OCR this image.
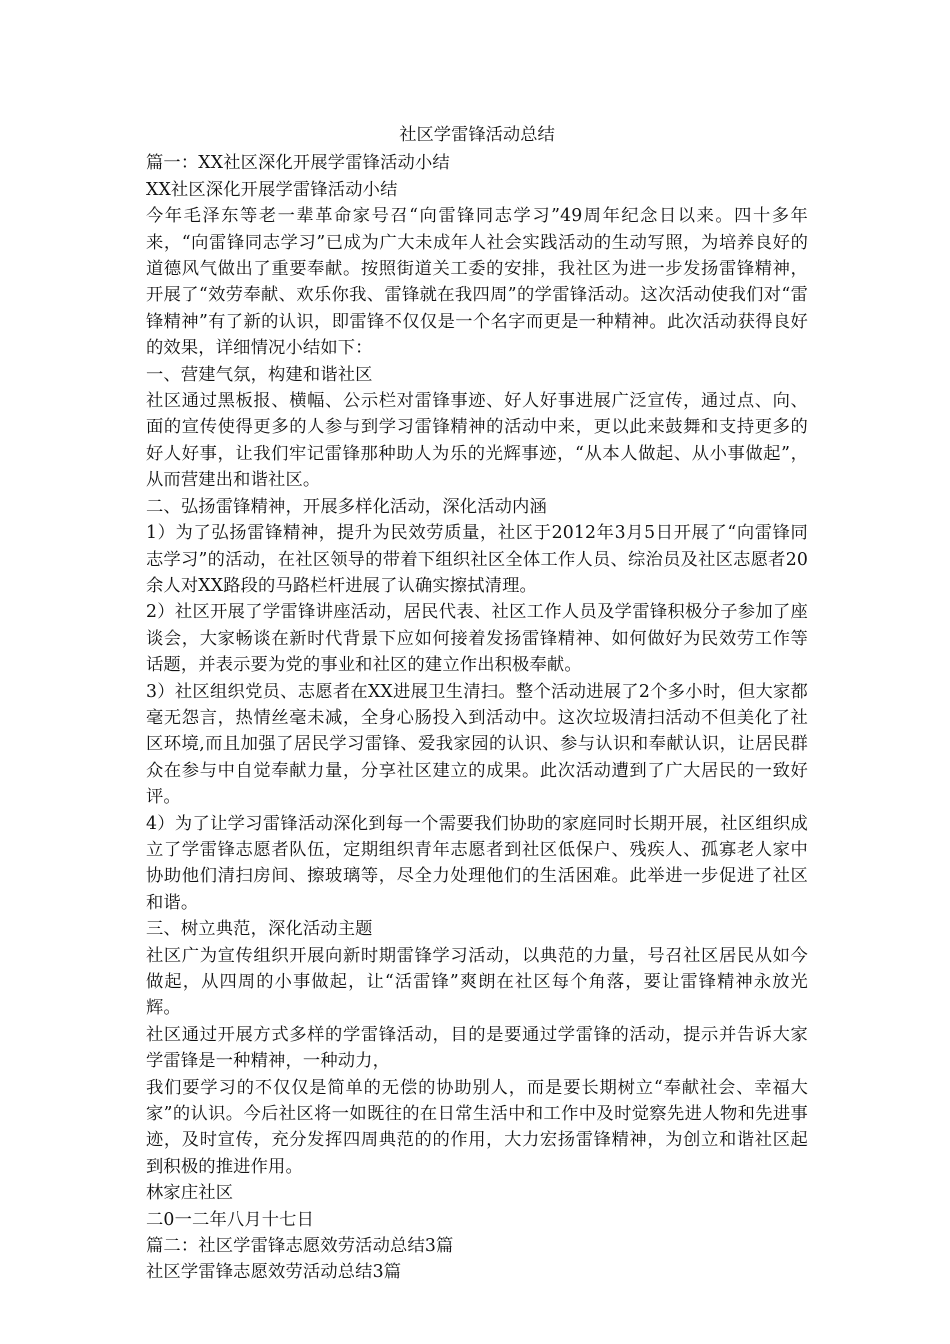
社区学雷锋活动总结

篇一：XX社区深化开展学雷锋活动小结

XX社区深化开展学雷锋活动小结

今年毛泽东等老一辈革命家号召“向雷锋同志学习”49周年纪念日以来。四十多年来，“向雷锋同志学习”已成为广大未成年人社会实践活动的生动写照，为培养良好的道德风气做出了重要奉献。按照街道关工委的安排，我社区为进一步发扬雷锋精神，开展了“效劳奉献、欢乐你我、雷锋就在我四周”的学雷锋活动。这次活动使我们对“雷锋精神”有了新的认识，即雷锋不仅仅是一个名字而更是一种精神。此次活动获得良好的效果，详细情况小结如下：

一、营建气氛，构建和谐社区

社区通过黑板报、横幅、公示栏对雷锋事迹、好人好事进展广泛宣传，通过点、向、面的宣传使得更多的人参与到学习雷锋精神的活动中来，更以此来鼓舞和支持更多的好人好事，让我们牢记雷锋那种助人为乐的光辉事迹，“从本人做起、从小事做起”，从而营建出和谐社区。

二、弘扬雷锋精神，开展多样化活动，深化活动内涵

1）为了弘扬雷锋精神，提升为民效劳质量，社区于2012年3月5日开展了“向雷锋同志学习”的活动，在社区领导的带着下组织社区全体工作人员、综治员及社区志愿者20余人对XX路段的马路栏杆进展了认确实擦拭清理。

2）社区开展了学雷锋讲座活动，居民代表、社区工作人员及学雷锋积极分子参加了座谈会，大家畅谈在新时代背景下应如何接着发扬雷锋精神、如何做好为民效劳工作等话题，并表示要为党的事业和社区的建立作出积极奉献。

3）社区组织党员、志愿者在XX进展卫生清扫。整个活动进展了2个多小时，但大家都毫无怨言，热情丝毫未减，全身心肠投入到活动中。这次垃圾清扫活动不但美化了社区环境,而且加强了居民学习雷锋、爱我家园的认识、参与认识和奉献认识，让居民群众在参与中自觉奉献力量，分享社区建立的成果。此次活动遭到了广大居民的一致好评。

4）为了让学习雷锋活动深化到每一个需要我们协助的家庭同时长期开展，社区组织成立了学雷锋志愿者队伍，定期组织青年志愿者到社区低保户、残疾人、孤寡老人家中协助他们清扫房间、擦玻璃等，尽全力处理他们的生活困难。此举进一步促进了社区和谐。

三、树立典范，深化活动主题

社区广为宣传组织开展向新时期雷锋学习活动，以典范的力量，号召社区居民从如今做起，从四周的小事做起，让“活雷锋”爽朗在社区每个角落，要让雷锋精神永放光辉。

社区通过开展方式多样的学雷锋活动，目的是要通过学雷锋的活动，提示并告诉大家学雷锋是一种精神，一种动力，

我们要学习的不仅仅是简单的无偿的协助别人，而是要长期树立“奉献社会、幸福大家”的认识。今后社区将一如既往的在日常生活中和工作中及时觉察先进人物和先进事迹，及时宣传，充分发挥四周典范的的作用，大力宏扬雷锋精神，为创立和谐社区起到积极的推进作用。

林家庄社区

二0一二年八月十七日

篇二：社区学雷锋志愿效劳活动总结3篇

社区学雷锋志愿效劳活动总结3篇
